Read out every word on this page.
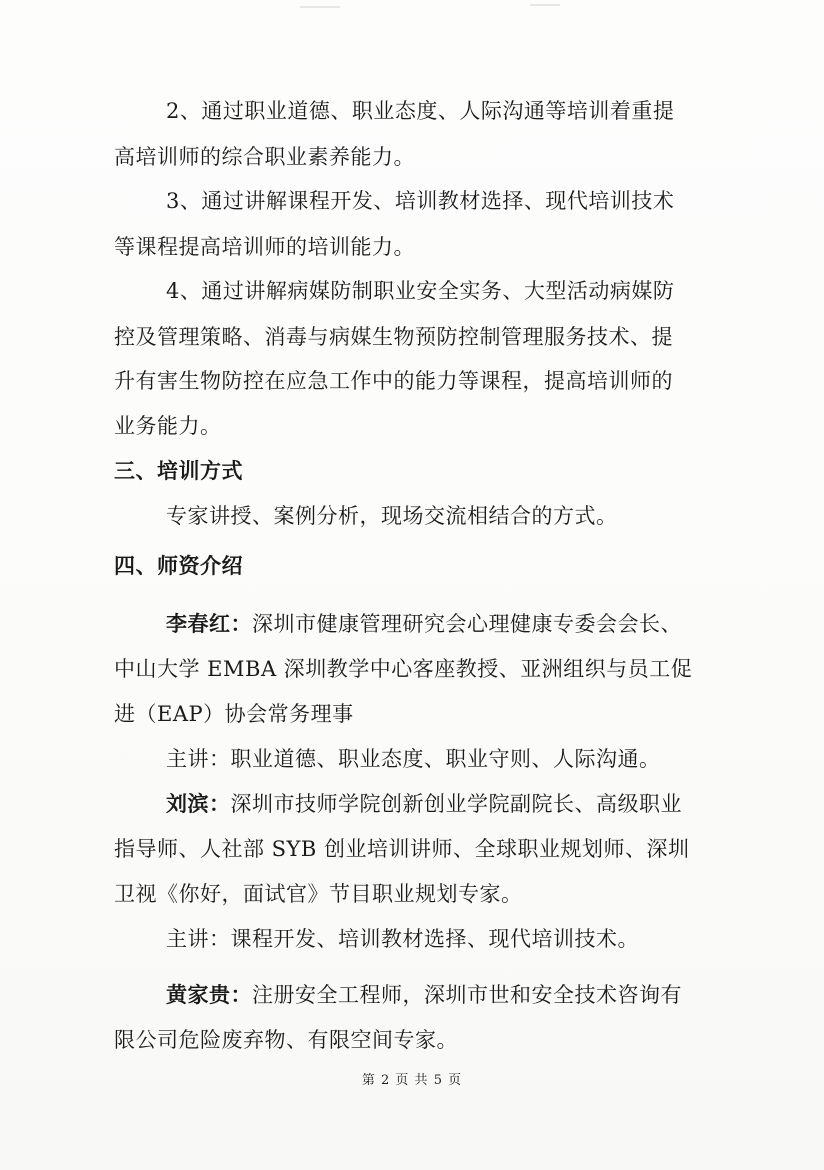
2、通过职业道德、职业态度、人际沟通等培训着重提
高培训师的综合职业素养能力。
3、通过讲解课程开发、培训教材选择、现代培训技术
等课程提高培训师的培训能力。
4、通过讲解病媒防制职业安全实务、大型活动病媒防
控及管理策略、消毒与病媒生物预防控制管理服务技术、提
升有害生物防控在应急工作中的能力等课程，提高培训师的
业务能力。
三、培训方式
专家讲授、案例分析，现场交流相结合的方式。
四、师资介绍
李春红：深圳市健康管理研究会心理健康专委会会长、
中山大学 EMBA 深圳教学中心客座教授、亚洲组织与员工促
进（EAP）协会常务理事
主讲：职业道德、职业态度、职业守则、人际沟通。
刘滨：深圳市技师学院创新创业学院副院长、高级职业
指导师、人社部 SYB 创业培训讲师、全球职业规划师、深圳
卫视《你好，面试官》节目职业规划专家。
主讲：课程开发、培训教材选择、现代培训技术。
黄家贵：注册安全工程师，深圳市世和安全技术咨询有
限公司危险废弃物、有限空间专家。
第 2 页 共 5 页
